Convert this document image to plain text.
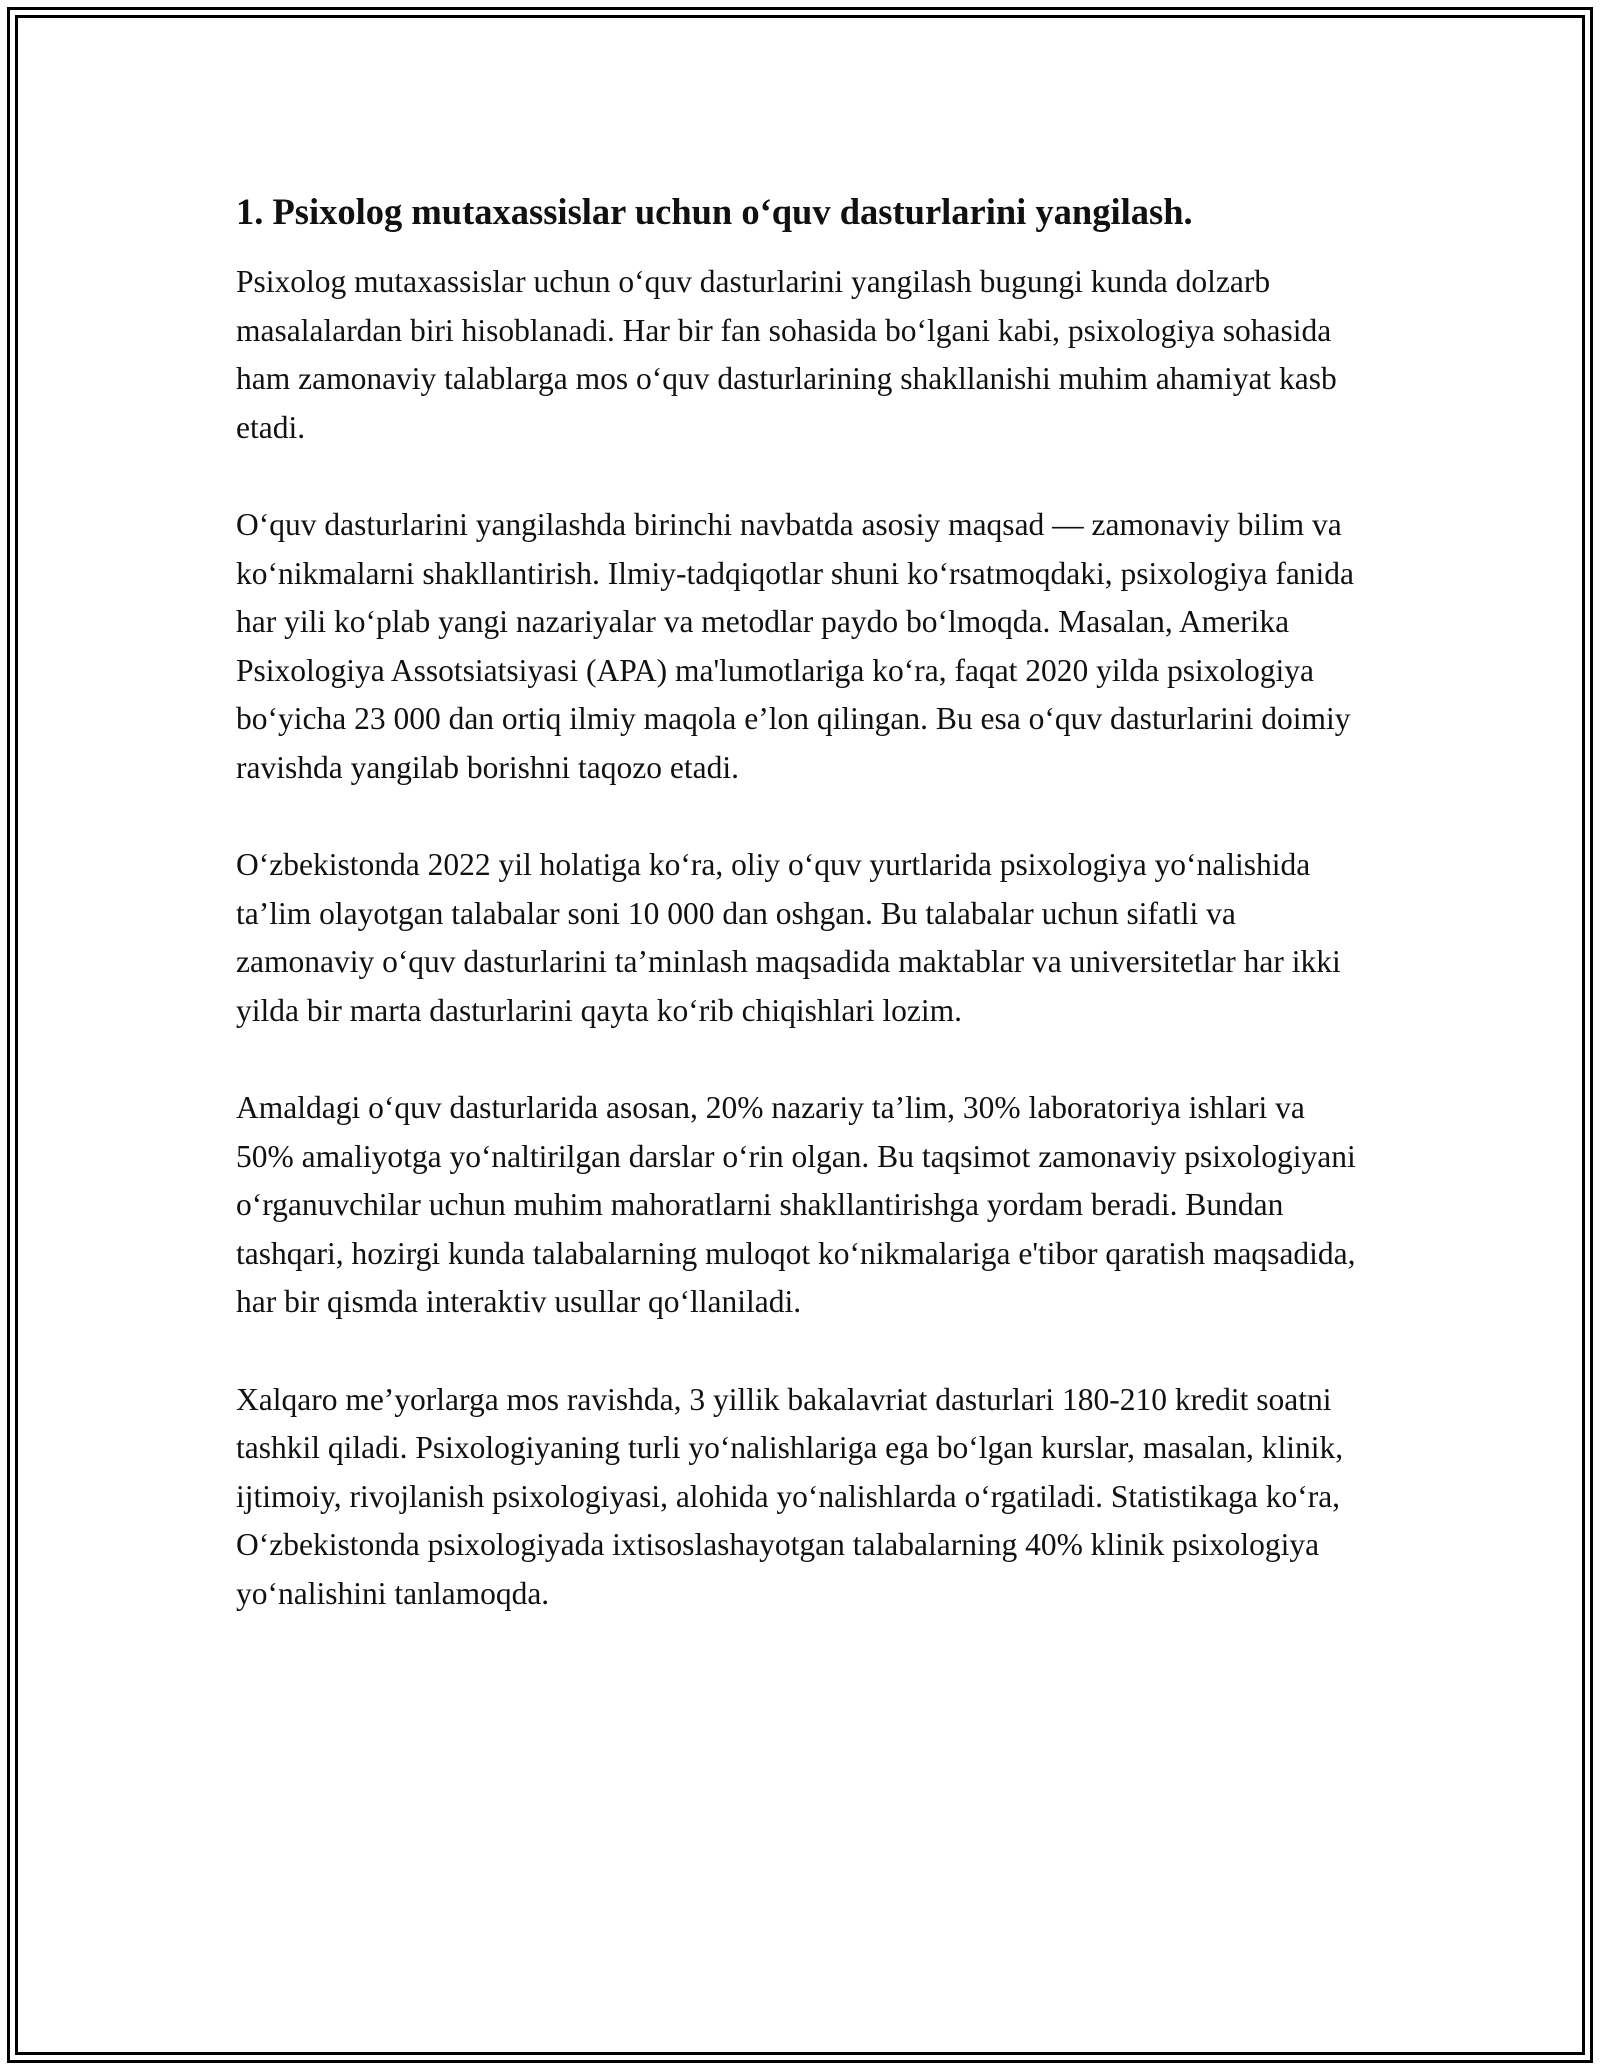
1. Psixolog mutaxassislar uchun o‘quv dasturlarini yangilash.

Psixolog mutaxassislar uchun o‘quv dasturlarini yangilash bugungi kunda dolzarb masalalardan biri hisoblanadi. Har bir fan sohasida bo‘lgani kabi, psixologiya sohasida ham zamonaviy talablarga mos o‘quv dasturlarining shakllanishi muhim ahamiyat kasb etadi.

O‘quv dasturlarini yangilashda birinchi navbatda asosiy maqsad — zamonaviy bilim va ko‘nikmalarni shakllantirish. Ilmiy-tadqiqotlar shuni ko‘rsatmoqdaki, psixologiya fanida har yili ko‘plab yangi nazariyalar va metodlar paydo bo‘lmoqda. Masalan, Amerika Psixologiya Assotsiatsiyasi (APA) ma'lumotlariga ko‘ra, faqat 2020 yilda psixologiya bo‘yicha 23 000 dan ortiq ilmiy maqola e’lon qilingan. Bu esa o‘quv dasturlarini doimiy ravishda yangilab borishni taqozo etadi.

O‘zbekistonda 2022 yil holatiga ko‘ra, oliy o‘quv yurtlarida psixologiya yo‘nalishida ta’lim olayotgan talabalar soni 10 000 dan oshgan. Bu talabalar uchun sifatli va zamonaviy o‘quv dasturlarini ta’minlash maqsadida maktablar va universitetlar har ikki yilda bir marta dasturlarini qayta ko‘rib chiqishlari lozim.

Amaldagi o‘quv dasturlarida asosan, 20% nazariy ta’lim, 30% laboratoriya ishlari va 50% amaliyotga yo‘naltirilgan darslar o‘rin olgan. Bu taqsimot zamonaviy psixologiyani o‘rganuvchilar uchun muhim mahoratlarni shakllantirishga yordam beradi. Bundan tashqari, hozirgi kunda talabalarning muloqot ko‘nikmalariga e'tibor qaratish maqsadida, har bir qismda interaktiv usullar qo‘llaniladi.

Xalqaro me’yorlarga mos ravishda, 3 yillik bakalavriat dasturlari 180-210 kredit soatni tashkil qiladi. Psixologiyaning turli yo‘nalishlariga ega bo‘lgan kurslar, masalan, klinik, ijtimoiy, rivojlanish psixologiyasi, alohida yo‘nalishlarda o‘rgatiladi. Statistikaga ko‘ra, O‘zbekistonda psixologiyada ixtisoslashayotgan talabalarning 40% klinik psixologiya yo‘nalishini tanlamoqda.
